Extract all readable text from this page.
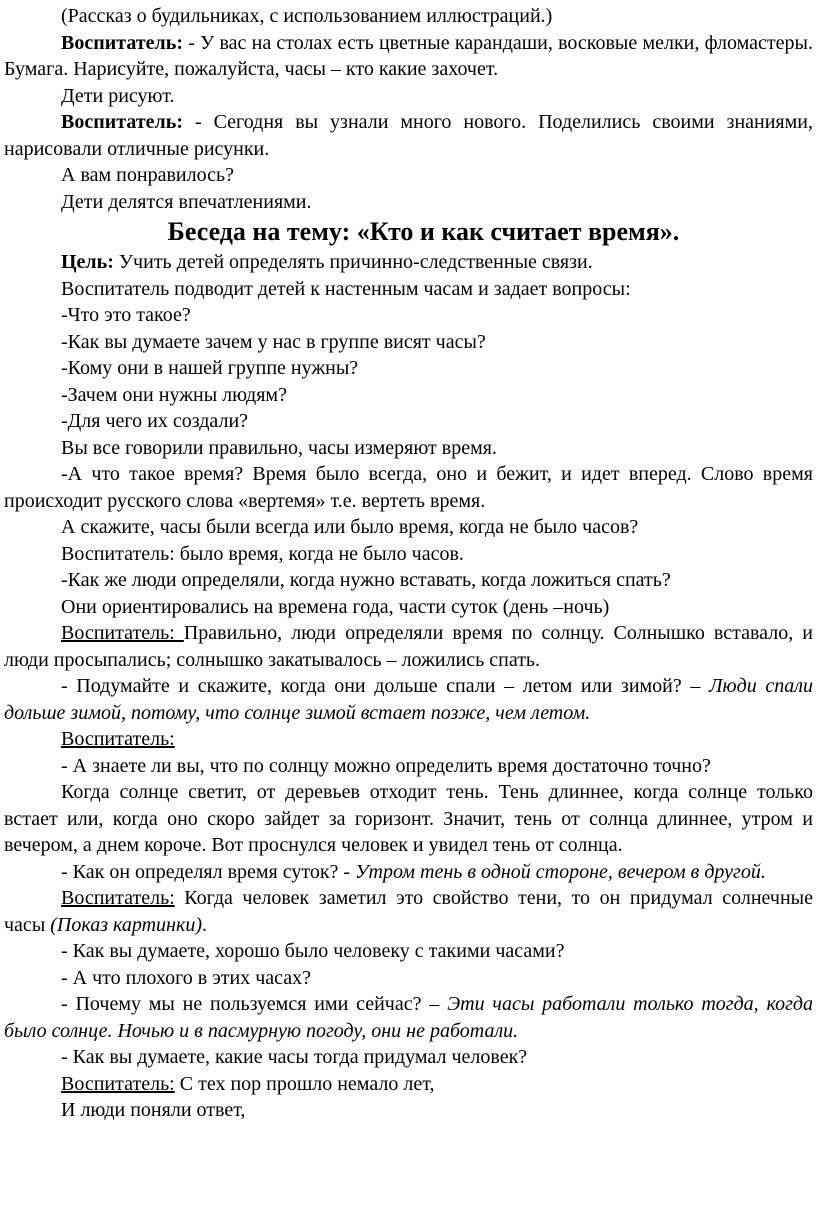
(Рассказ о будильниках, с использованием иллюстраций.)

Воспитатель: - У вас на столах есть цветные карандаши, восковые мелки, фломастеры. Бумага. Нарисуйте, пожалуйста, часы – кто какие захочет.

Дети рисуют.

Воспитатель: - Сегодня вы узнали много нового. Поделились своими знаниями, нарисовали отличные рисунки.

А вам понравилось?

Дети делятся впечатлениями.

Беседа на тему: «Кто и как считает время».

Цель: Учить детей определять причинно-следственные связи.

Воспитатель подводит детей к настенным часам и задает вопросы:

-Что это такое?

-Как вы думаете зачем у нас в группе висят часы?

-Кому они в нашей группе нужны?

-Зачем они нужны людям?

-Для чего их создали?

Вы все говорили правильно, часы измеряют время.

-А что такое время? Время было всегда, оно и бежит, и идет вперед. Слово время происходит русского слова «вертемя» т.е. вертеть время.

А скажите, часы были всегда или было время, когда не было часов?

Воспитатель: было время, когда не было часов.

-Как же люди определяли, когда нужно вставать, когда ложиться спать?

Они ориентировались на времена года, части суток (день –ночь)

Воспитатель: Правильно, люди определяли время по солнцу. Солнышко вставало, и люди просыпались; солнышко закатывалось – ложились спать.

- Подумайте и скажите, когда они дольше спали – летом или зимой? – Люди спали дольше зимой, потому, что солнце зимой встает позже, чем летом.

Воспитатель:

- А знаете ли вы, что по солнцу можно определить время достаточно точно?

Когда солнце светит, от деревьев отходит тень. Тень длиннее, когда солнце только встает или, когда оно скоро зайдет за горизонт. Значит, тень от солнца длиннее, утром и вечером, а днем короче. Вот проснулся человек и увидел тень от солнца.

- Как он определял время суток? - Утром тень в одной стороне, вечером в другой.

Воспитатель: Когда человек заметил это свойство тени, то он придумал солнечные часы (Показ картинки).

- Как вы думаете, хорошо было человеку с такими часами?

- А что плохого в этих часах?

- Почему мы не пользуемся ими сейчас? – Эти часы работали только тогда, когда было солнце. Ночью и в пасмурную погоду, они не работали.

- Как вы думаете, какие часы тогда придумал человек?

Воспитатель: С тех пор прошло немало лет,

И люди поняли ответ,
